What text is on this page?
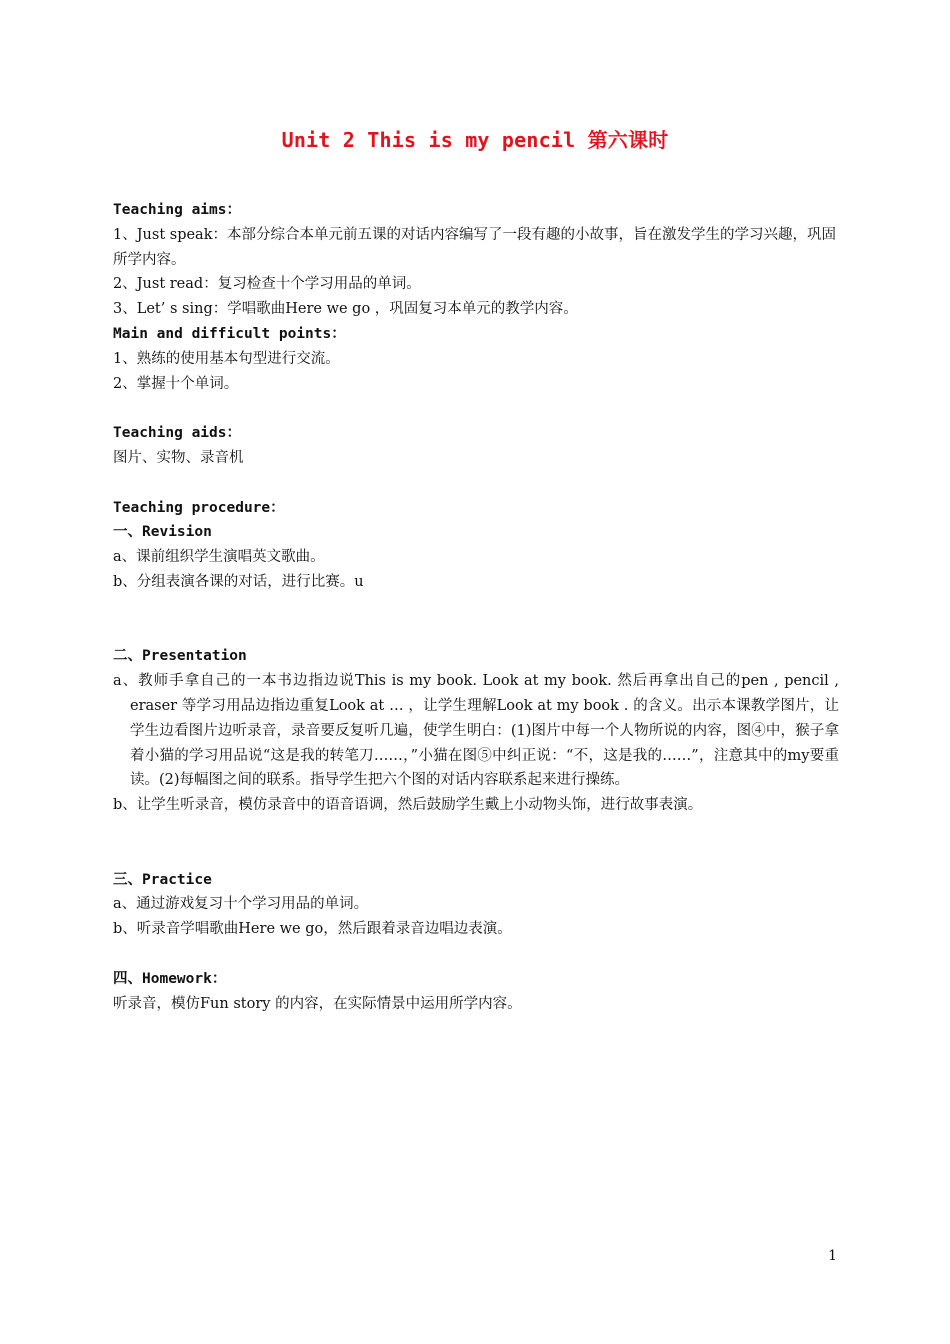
Unit 2 This is my pencil 第六课时

Teaching aims：

1、Just speak：本部分综合本单元前五课的对话内容编写了一段有趣的小故事，旨在激发学生的学习兴趣，巩固所学内容。

2、Just read：复习检查十个学习用品的单词。

3、Let’ s sing：学唱歌曲Here we go ，巩固复习本单元的教学内容。

Main and difficult points：

1、熟练的使用基本句型进行交流。

2、掌握十个单词。

Teaching aids：

图片、实物、录音机

Teaching procedure：

一、Revision

a、课前组织学生演唱英文歌曲。

b、分组表演各课的对话，进行比赛。u

二、Presentation

a、教师手拿自己的一本书边指边说This is my book. Look at my book. 然后再拿出自己的pen , pencil , eraser 等学习用品边指边重复Look at … ，让学生理解Look at my book . 的含义。出示本课教学图片，让学生边看图片边听录音，录音要反复听几遍，使学生明白：(1)图片中每一个人物所说的内容，图④中，猴子拿着小猫的学习用品说“这是我的转笔刀……，”小猫在图⑤中纠正说：“不，这是我的……”，注意其中的my要重读。(2)每幅图之间的联系。指导学生把六个图的对话内容联系起来进行操练。

b、让学生听录音，模仿录音中的语音语调，然后鼓励学生戴上小动物头饰，进行故事表演。

三、Practice

a、通过游戏复习十个学习用品的单词。

b、听录音学唱歌曲Here we go，然后跟着录音边唱边表演。

四、Homework：

听录音，模仿Fun story 的内容，在实际情景中运用所学内容。

1
